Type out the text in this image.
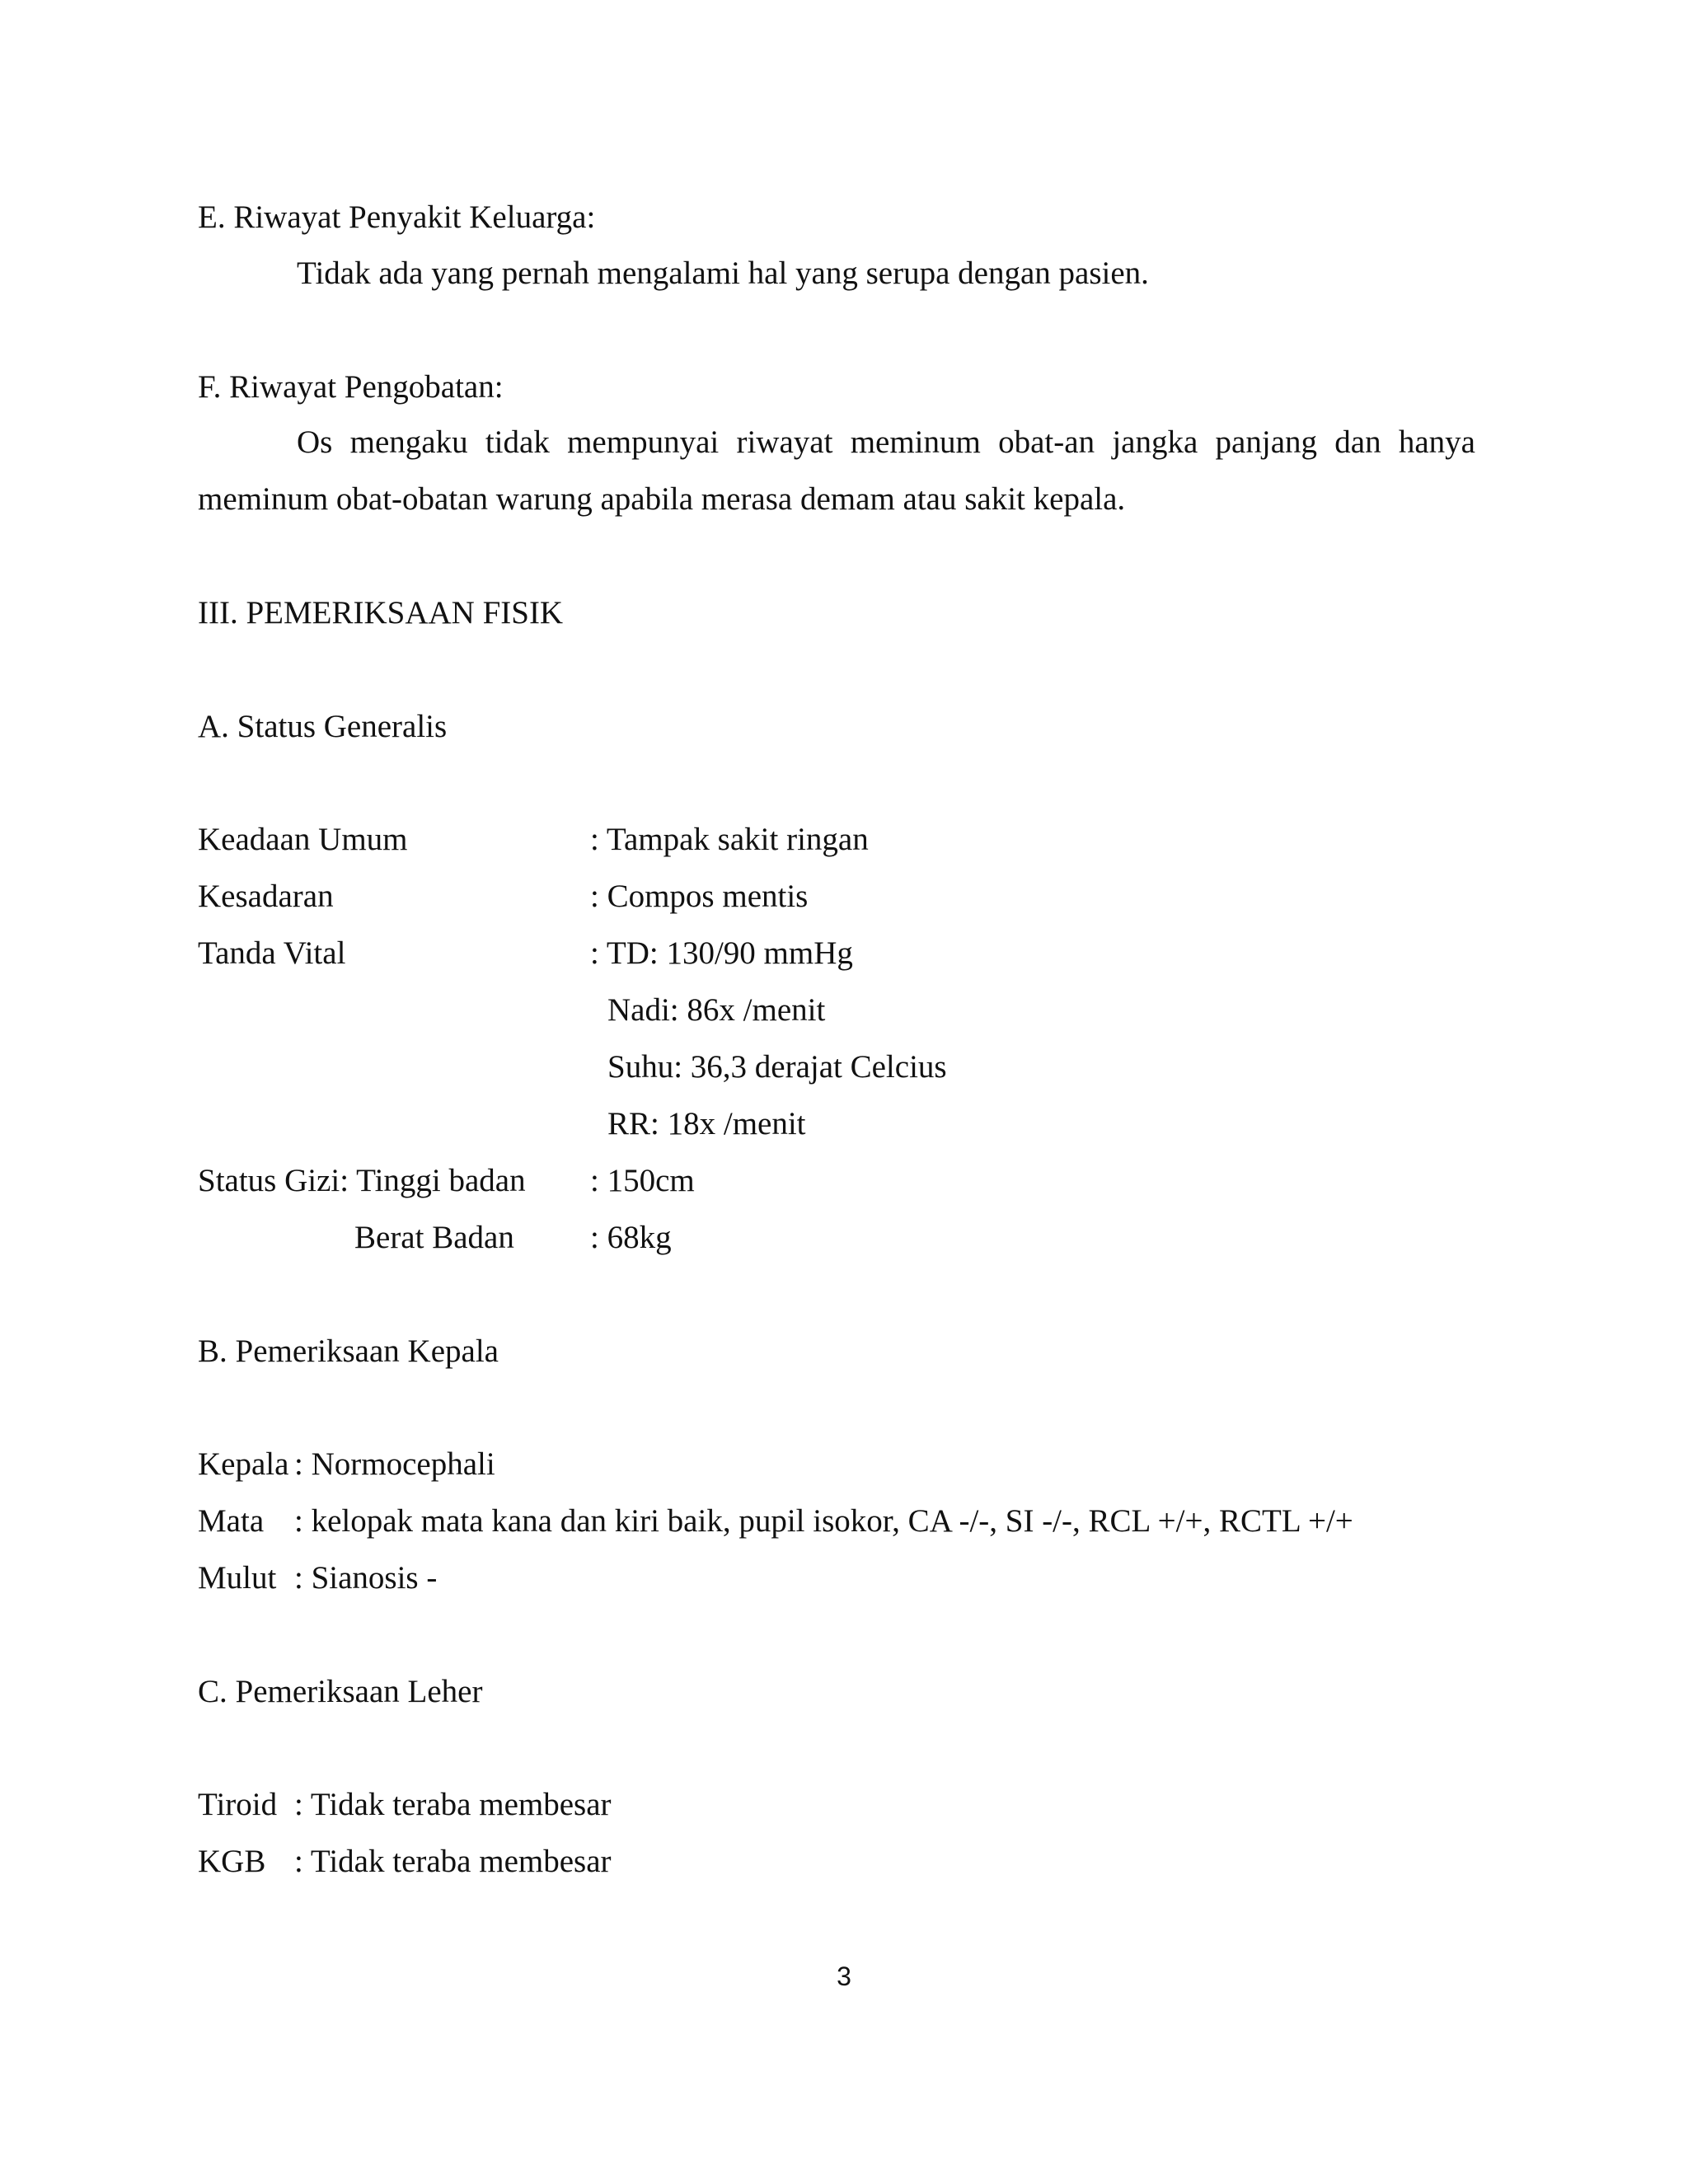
E. Riwayat Penyakit Keluarga:
Tidak ada yang pernah mengalami hal yang serupa dengan pasien.
F. Riwayat Pengobatan:
Os mengaku tidak mempunyai riwayat meminum obat-an jangka panjang dan hanya meminum obat-obatan warung apabila merasa demam atau sakit kepala.
III. PEMERIKSAAN FISIK
A. Status Generalis
Keadaan Umum	: Tampak sakit ringan
Kesadaran	: Compos mentis
Tanda Vital	: TD: 130/90 mmHg
Nadi: 86x /menit
Suhu: 36,3 derajat Celcius
RR: 18x /menit
Status Gizi: Tinggi badan : 150cm
Berat Badan : 68kg
B. Pemeriksaan Kepala
Kepala : Normocephali
Mata : kelopak mata kana dan kiri baik, pupil isokor, CA -/-, SI -/-, RCL +/+, RCTL +/+
Mulut : Sianosis -
C. Pemeriksaan Leher
Tiroid : Tidak teraba membesar
KGB : Tidak teraba membesar
3
